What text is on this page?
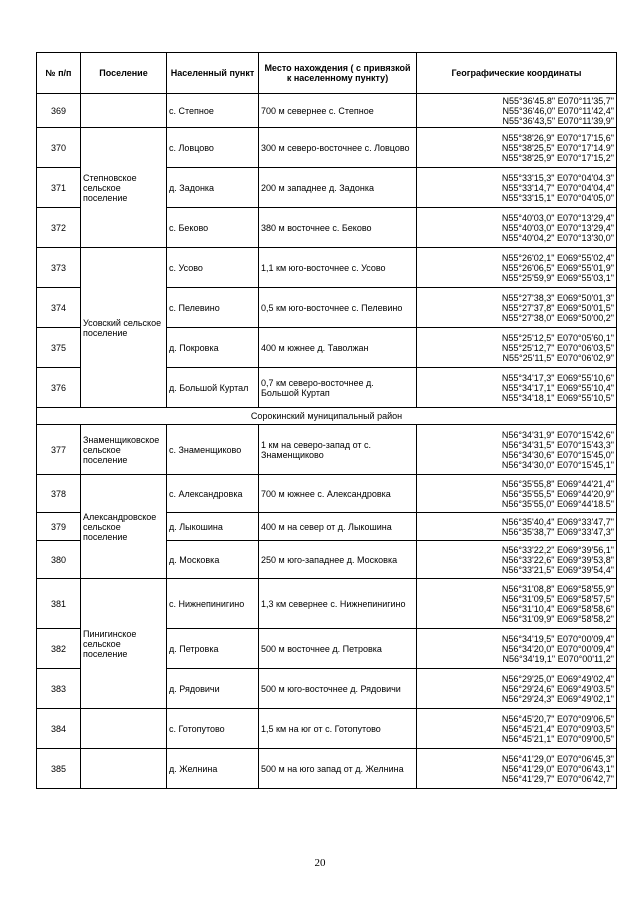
№ п/п	Поселение	Населенный пункт	Место нахождения ( с привязкой к населенному пункту)	Географические координаты
369		с. Степное	700 м севернее с. Степное	N55°36'45.8" E070°11'35,7"
N55°36'46,0" E070°11'42,4"
N55°36'43,5" E070°11'39,9"

370	Степновское сельское поселение	с. Ловцово	300 м северо-восточнее с. Ловцово	N55°38'26,9" E070°17'15,6"
N55°38'25,5" E070°17'14.9"
N55°38'25,9" E070°17'15,2"

371		д. Задонка	200 м западнее д. Задонка	N55°33'15,3" E070°04'04.3"
N55°33'14,7" E070°04'04,4"
N55°33'15,1" E070°04'05,0"

372		с. Беково	380 м восточнее с. Беково	N55°40'03,0" E070°13'29,4"
N55°40'03,0" E070°13'29,4"
N55°40'04,2" E070°13'30,0"

373	Усовский сельское поселение	с. Усово	1,1 км юго-восточнее с. Усово	N55°26'02,1" E069°55'02,4"
N55°26'06,5" E069°55'01,9"
N55°25'59,9" E069°55'03,1"

374		с. Пелевино	0,5 км юго-восточнее с. Пелевино	N55°27'38,3" E069°50'01,3"
N55°27'37,8" E069°50'01,5"
N55°27'38,0" E069°50'00,2"

375		д. Покровка	400 м южнее д. Таволжан	N55°25'12,5" E070°05'60,1"
N55°25'12,7" E070°06'03,5"
N55°25'11,5" E070°06'02,9"

376		д. Большой Куртал	0,7 км северо-восточнее д. Большой Куртап	N55°34'17,3" E069°55'10,6"
N55°34'17,1" E069°55'10,4"
N55°34'18,1" E069°55'10,5"

Сорокинский муниципальный район				
377	Знаменщиковское сельское поселение	с. Знаменщиково	1 км на северо-запад от с. Знаменщиково	N56°34'31,9" E070°15'42,6"
N56°34'31,5" E070°15'43,3"
N56°34'30,6" E070°15'45,0"
N56°34'30,0" E070°15'45,1"

378	Александровское сельское поселение	с. Александровка	700 м южнее с. Александровка	N56°35'55,8" E069°44'21,4"
N56°35'55,5" E069°44'20,9"
N56°35'55,0" E069°44'18.5"

379		д. Лыкошина	400 м на север от д. Лыкошина	N56°35'40,4" E069°33'47,7"
N56°35'38,7" E069°33'47,3"

380		д. Московка	250 м юго-западнее д. Московка	N56°33'22,2" E069°39'56,1"
N56°33'22,6" E069°39'53,8"
N56°33'21,5" E069°39'54,4"

381	Пинигинское сельское поселение	с. Нижнепинигино	1,3 км севернее с. Нижнепинигино	N56°31'08,8" E069°58'55,9"
N56°31'09,5" E069°58'57,5"
N56°31'10,4" E069°58'58,6"
N56°31'09,9" E069°58'58,2"

382		д. Петровка	500 м восточнее д. Петровка	N56°34'19,5" E070°00'09,4"
N56°34'20,0" E070°00'09,4"
N56°34'19,1" E070°00'11,2"

383		д. Рядовичи	500 м юго-восточнее д. Рядовичи	N56°29'25,0" E069°49'02,4"
N56°29'24,6" E069°49'03.5"
N56°29'24,3" E069°49'02,1"

384		с. Готопутово	1,5 км на юг от с. Готопутово	N56°45'20,7" E070°09'06,5"
N56°45'21,4" E070°09'03,5"
N56°45'21,1" E070°09'00,5"

385		д. Желнина	500 м на юго запад от д. Желнина	N56°41'29,0" E070°06'45,3"
N56°41'29,0" E070°06'43,1"
N56°41'29,7" E070°06'42,7"
20
